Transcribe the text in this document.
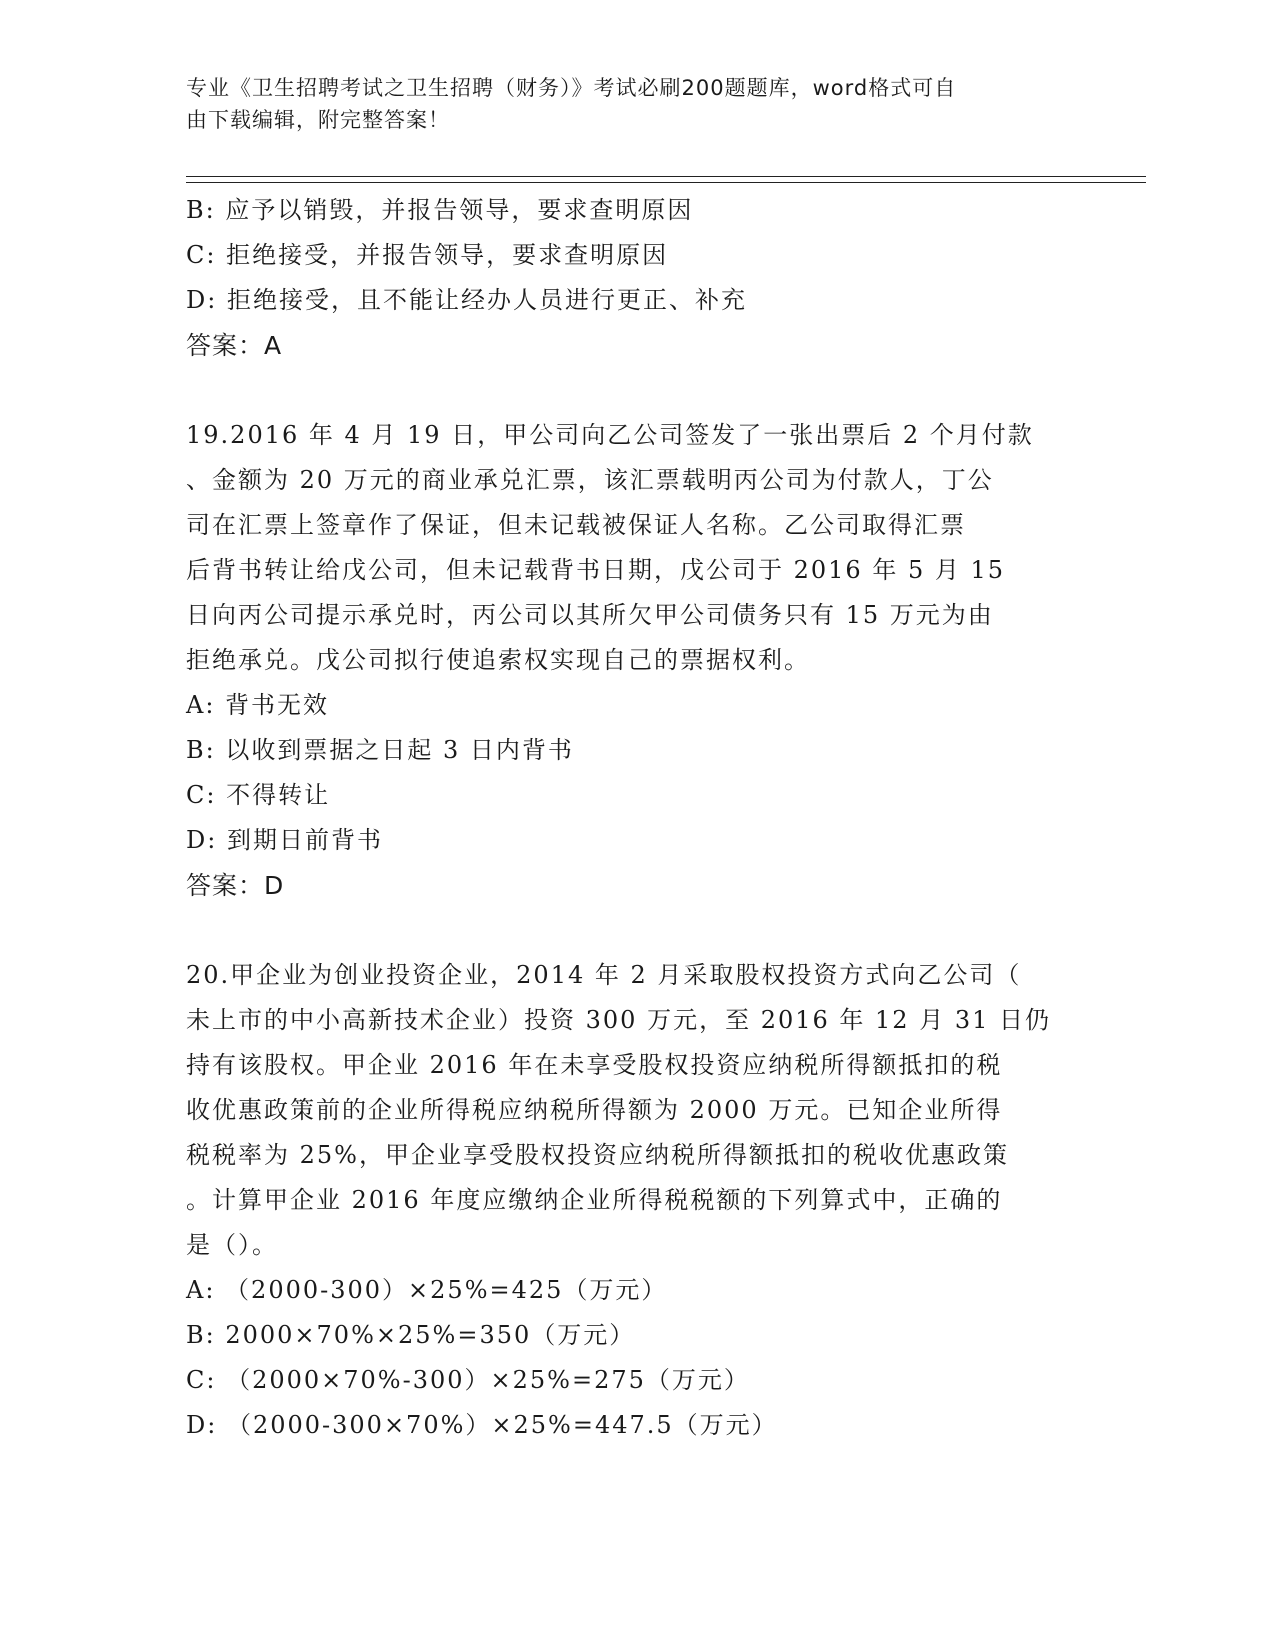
专业《卫生招聘考试之卫生招聘（财务）》考试必刷200题题库，word格式可自
由下载编辑，附完整答案！
B: 应予以销毁，并报告领导，要求查明原因
C: 拒绝接受，并报告领导，要求查明原因
D: 拒绝接受，且不能让经办人员进行更正、补充
答案：A
19.2016 年 4 月 19 日，甲公司向乙公司签发了一张出票后 2 个月付款
、金额为 20 万元的商业承兑汇票，该汇票载明丙公司为付款人，丁公
司在汇票上签章作了保证，但未记载被保证人名称。乙公司取得汇票
后背书转让给戊公司，但未记载背书日期，戊公司于 2016 年 5 月 15
日向丙公司提示承兑时，丙公司以其所欠甲公司债务只有 15 万元为由
拒绝承兑。戊公司拟行使追索权实现自己的票据权利。
A: 背书无效
B: 以收到票据之日起 3 日内背书
C: 不得转让
D: 到期日前背书
答案：D
20.甲企业为创业投资企业，2014 年 2 月采取股权投资方式向乙公司（
未上市的中小高新技术企业）投资 300 万元，至 2016 年 12 月 31 日仍
持有该股权。甲企业 2016 年在未享受股权投资应纳税所得额抵扣的税
收优惠政策前的企业所得税应纳税所得额为 2000 万元。已知企业所得
税税率为 25%，甲企业享受股权投资应纳税所得额抵扣的税收优惠政策
。计算甲企业 2016 年度应缴纳企业所得税税额的下列算式中，正确的
是（）。
A: （2000-300）×25%=425（万元）
B: 2000×70%×25%=350（万元）
C: （2000×70%-300）×25%=275（万元）
D: （2000-300×70%）×25%=447.5（万元）
